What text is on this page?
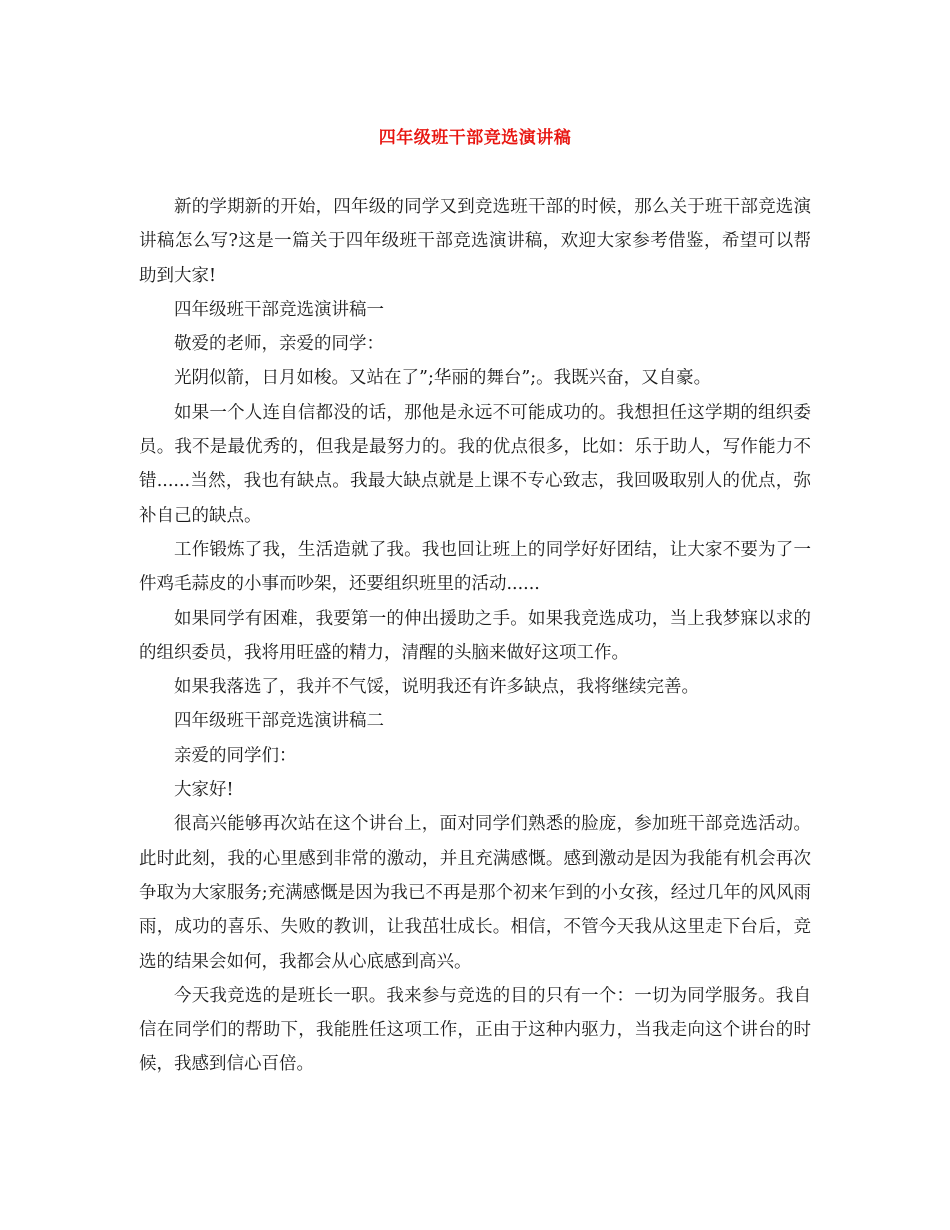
四年级班干部竞选演讲稿

新的学期新的开始，四年级的同学又到竞选班干部的时候，那么关于班干部竞选演讲稿怎么写?这是一篇关于四年级班干部竞选演讲稿，欢迎大家参考借鉴，希望可以帮助到大家!

四年级班干部竞选演讲稿一

敬爱的老师，亲爱的同学：

光阴似箭，日月如梭。又站在了”;华丽的舞台”;。我既兴奋，又自豪。

如果一个人连自信都没的话，那他是永远不可能成功的。我想担任这学期的组织委员。我不是最优秀的，但我是最努力的。我的优点很多，比如：乐于助人，写作能力不错......当然，我也有缺点。我最大缺点就是上课不专心致志，我回吸取别人的优点，弥补自己的缺点。

工作锻炼了我，生活造就了我。我也回让班上的同学好好团结，让大家不要为了一件鸡毛蒜皮的小事而吵架，还要组织班里的活动......

如果同学有困难，我要第一的伸出援助之手。如果我竞选成功，当上我梦寐以求的的组织委员，我将用旺盛的精力，清醒的头脑来做好这项工作。

如果我落选了，我并不气馁，说明我还有许多缺点，我将继续完善。

四年级班干部竞选演讲稿二

亲爱的同学们：

大家好!

很高兴能够再次站在这个讲台上，面对同学们熟悉的脸庞，参加班干部竞选活动。此时此刻，我的心里感到非常的激动，并且充满感慨。感到激动是因为我能有机会再次争取为大家服务;充满感慨是因为我已不再是那个初来乍到的小女孩，经过几年的风风雨雨，成功的喜乐、失败的教训，让我茁壮成长。相信，不管今天我从这里走下台后，竞选的结果会如何，我都会从心底感到高兴。

今天我竞选的是班长一职。我来参与竞选的目的只有一个：一切为同学服务。我自信在同学们的帮助下，我能胜任这项工作，正由于这种内驱力，当我走向这个讲台的时候，我感到信心百倍。
